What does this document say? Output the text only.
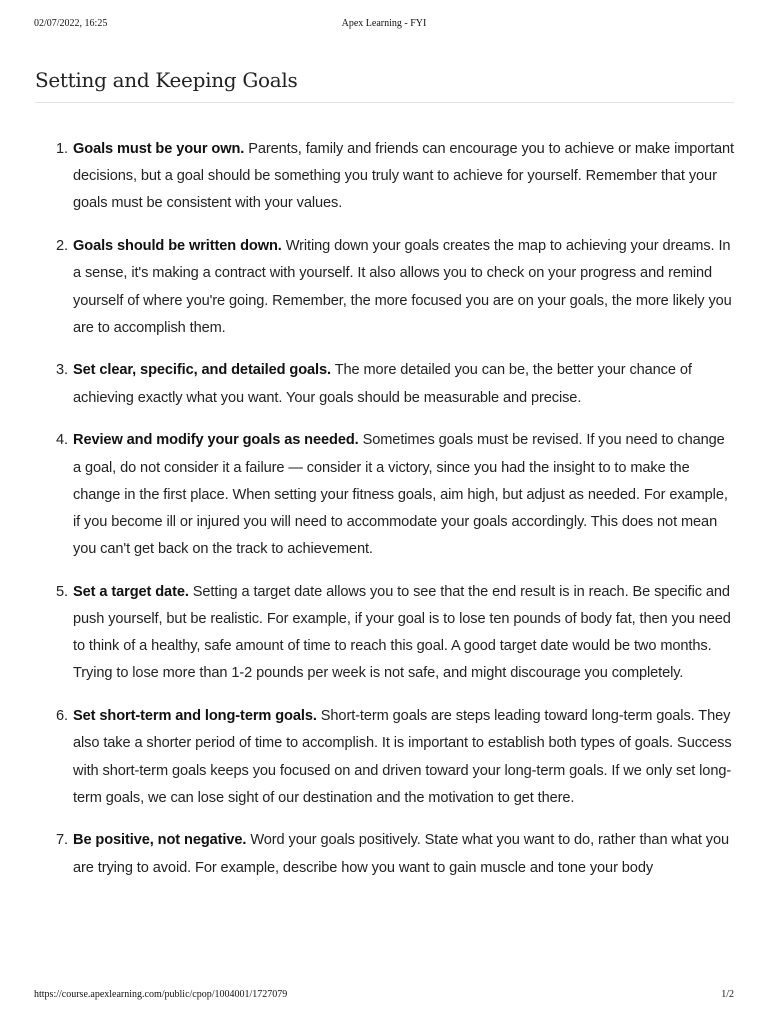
02/07/2022, 16:25	Apex Learning - FYI
Setting and Keeping Goals
1. Goals must be your own. Parents, family and friends can encourage you to achieve or make important decisions, but a goal should be something you truly want to achieve for yourself. Remember that your goals must be consistent with your values.
2. Goals should be written down. Writing down your goals creates the map to achieving your dreams. In a sense, it's making a contract with yourself. It also allows you to check on your progress and remind yourself of where you're going. Remember, the more focused you are on your goals, the more likely you are to accomplish them.
3. Set clear, specific, and detailed goals. The more detailed you can be, the better your chance of achieving exactly what you want. Your goals should be measurable and precise.
4. Review and modify your goals as needed. Sometimes goals must be revised. If you need to change a goal, do not consider it a failure — consider it a victory, since you had the insight to to make the change in the first place. When setting your fitness goals, aim high, but adjust as needed. For example, if you become ill or injured you will need to accommodate your goals accordingly. This does not mean you can't get back on the track to achievement.
5. Set a target date. Setting a target date allows you to see that the end result is in reach. Be specific and push yourself, but be realistic. For example, if your goal is to lose ten pounds of body fat, then you need to think of a healthy, safe amount of time to reach this goal. A good target date would be two months. Trying to lose more than 1-2 pounds per week is not safe, and might discourage you completely.
6. Set short-term and long-term goals. Short-term goals are steps leading toward long-term goals. They also take a shorter period of time to accomplish. It is important to establish both types of goals. Success with short-term goals keeps you focused on and driven toward your long-term goals. If we only set long-term goals, we can lose sight of our destination and the motivation to get there.
7. Be positive, not negative. Word your goals positively. State what you want to do, rather than what you are trying to avoid. For example, describe how you want to gain muscle and tone your body
https://course.apexlearning.com/public/cpop/1004001/1727079	1/2
